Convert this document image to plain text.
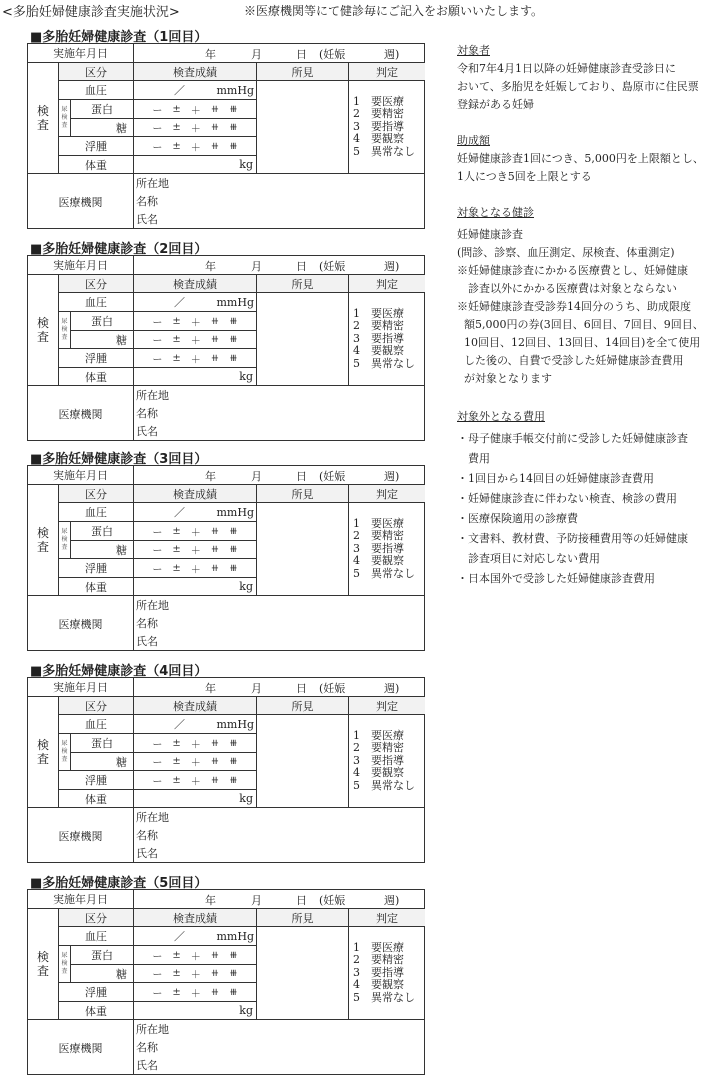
<多胎妊婦健康診査実施状況>	※医療機関等にて健診毎にご記入をお願いいたします。
■多胎妊婦健康診査（1回目）
実施年月日	年	月	日 (妊娠	週)
検
査
区分	検査成績	所見	判定
血圧	／	mmHg
尿
検
査
蛋白	ー ± ＋ ⧺ ⧻
糖	ー ± ＋ ⧺ ⧻
浮腫	ー ± ＋ ⧺ ⧻
体重	kg
1　要医療
2　要精密
3　要指導
4　要観察
5　異常なし
医療機関
所在地
名称
氏名
■多胎妊婦健康診査（2回目）
実施年月日	年	月	日 (妊娠	週)
検
査
区分	検査成績	所見	判定
血圧	／	mmHg
尿
検
査
蛋白	ー ± ＋ ⧺ ⧻
糖	ー ± ＋ ⧺ ⧻
浮腫	ー ± ＋ ⧺ ⧻
体重	kg
1　要医療
2　要精密
3　要指導
4　要観察
5　異常なし
医療機関
所在地
名称
氏名
■多胎妊婦健康診査（3回目）
実施年月日	年	月	日 (妊娠	週)
検
査
区分	検査成績	所見	判定
血圧	／	mmHg
尿
検
査
蛋白	ー ± ＋ ⧺ ⧻
糖	ー ± ＋ ⧺ ⧻
浮腫	ー ± ＋ ⧺ ⧻
体重	kg
1　要医療
2　要精密
3　要指導
4　要観察
5　異常なし
医療機関
所在地
名称
氏名
■多胎妊婦健康診査（4回目）
実施年月日	年	月	日 (妊娠	週)
検
査
区分	検査成績	所見	判定
血圧	／	mmHg
尿
検
査
蛋白	ー ± ＋ ⧺ ⧻
糖	ー ± ＋ ⧺ ⧻
浮腫	ー ± ＋ ⧺ ⧻
体重	kg
1　要医療
2　要精密
3　要指導
4　要観察
5　異常なし
医療機関
所在地
名称
氏名
■多胎妊婦健康診査（5回目）
実施年月日	年	月	日 (妊娠	週)
検
査
区分	検査成績	所見	判定
血圧	／	mmHg
尿
検
査
蛋白	ー ± ＋ ⧺ ⧻
糖	ー ± ＋ ⧺ ⧻
浮腫	ー ± ＋ ⧺ ⧻
体重	kg
1　要医療
2　要精密
3　要指導
4　要観察
5　異常なし
医療機関
所在地
名称
氏名

対象者

令和7年4月1日以降の妊婦健康診査受診日に

おいて、多胎児を妊娠しており、島原市に住民票

登録がある妊婦

助成額

妊婦健康診査1回につき、5,000円を上限額とし、

1人につき5回を上限とする

対象となる健診

妊婦健康診査

(問診、診察、血圧測定、尿検査、体重測定)

※妊婦健康診査にかかる医療費とし、妊婦健康

診査以外にかかる医療費は対象とならない

※妊婦健康診査受診券14回分のうち、助成限度

額5,000円の券(3回目、6回目、7回目、9回目、

10回目、12回目、13回目、14回目)を全て使用

した後の、自費で受診した妊婦健康診査費用

が対象となります

対象外となる費用

・母子健康手帳交付前に受診した妊婦健康診査

費用

・1回目から14回目の妊婦健康診査費用

・妊婦健康診査に伴わない検査、検診の費用

・医療保険適用の診療費

・文書料、教材費、予防接種費用等の妊婦健康

診査項目に対応しない費用

・日本国外で受診した妊婦健康診査費用
